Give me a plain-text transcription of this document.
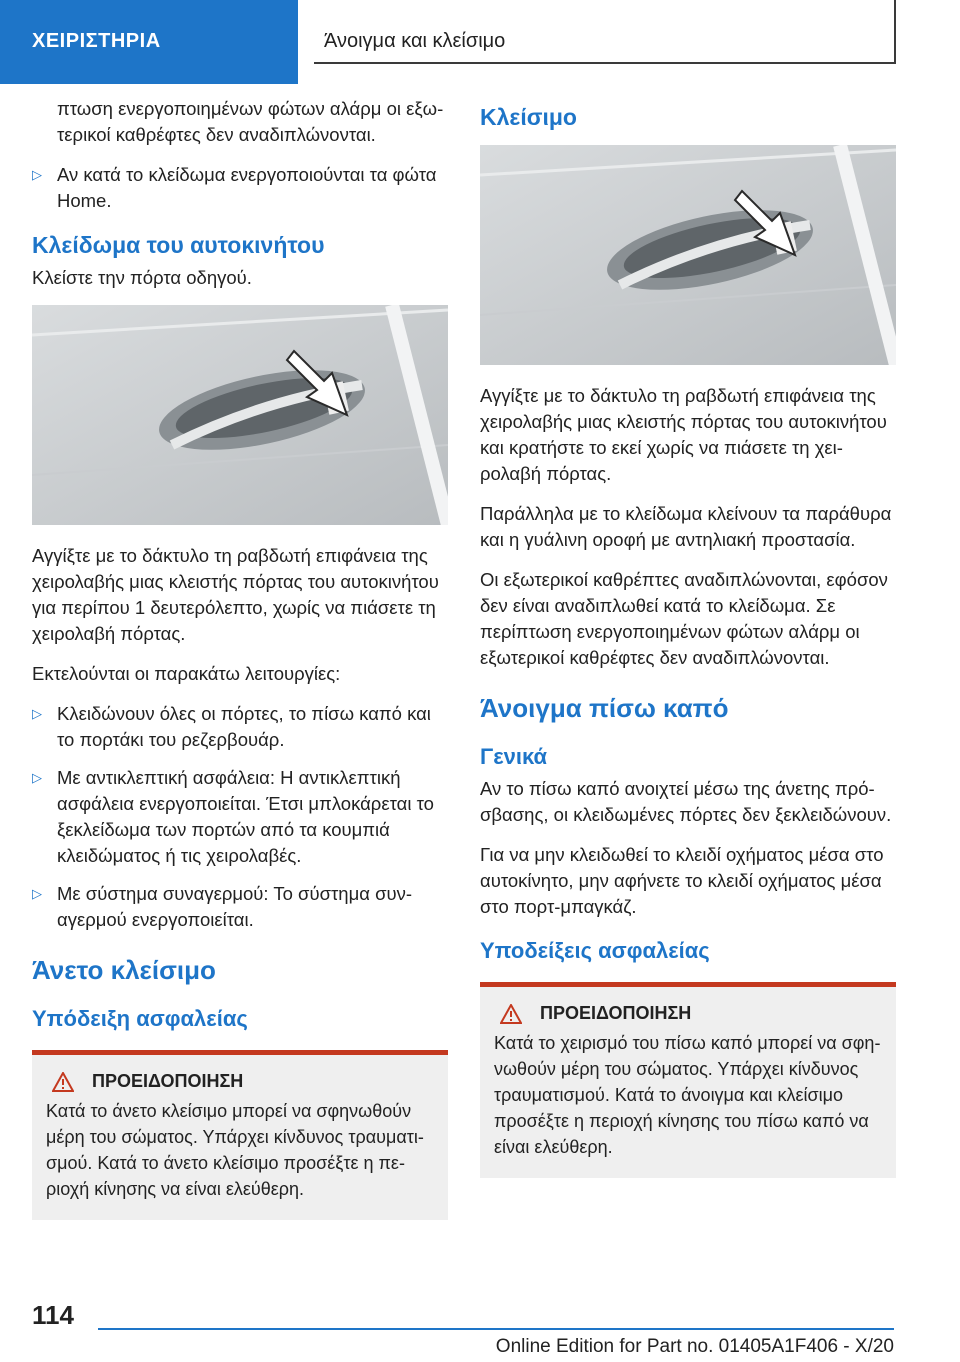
ΧΕΙΡΙΣΤΗΡΙΑ	Άνοιγμα και κλείσιμο

πτωση ενεργοποιημένων φώτων αλάρμ οι εξωτερικοί καθρέφτες δεν αναδιπλώνονται.

▷ Αν κατά το κλείδωμα ενεργοποιούνται τα φώτα Home.
Κλείδωμα του αυτοκινήτου

Κλείστε την πόρτα οδηγού.

Αγγίξτε με το δάκτυλο τη ραβδωτή επιφάνεια της χειρολαβής μιας κλειστής πόρτας του αυτοκινήτου για περίπου 1 δευτερόλεπτο, χωρίς να πιάσετε τη χειρολαβή πόρτας.

Εκτελούνται οι παρακάτω λειτουργίες:

▷ Κλειδώνουν όλες οι πόρτες, το πίσω καπό και το πορτάκι του ρεζερβουάρ.
▷ Με αντικλεπτική ασφάλεια: Η αντικλεπτική ασφάλεια ενεργοποιείται. Έτσι μπλοκάρεται το ξεκλείδωμα των πορτών από τα κουμπιά κλειδώματος ή τις χειρολαβές.
▷ Με σύστημα συναγερμού: Το σύστημα συναγερμού ενεργοποιείται.
Άνετο κλείσιμο
Υπόδειξη ασφαλείας
ΠΡΟΕΙΔΟΠΟΙΗΣΗ

Κατά το άνετο κλείσιμο μπορεί να σφηνωθούν μέρη του σώματος. Υπάρχει κίνδυνος τραυματισμού. Κατά το άνετο κλείσιμο προσέξτε η περιοχή κίνησης να είναι ελεύθερη.

Κλείσιμο

Αγγίξτε με το δάκτυλο τη ραβδωτή επιφάνεια της χειρολαβής μιας κλειστής πόρτας του αυτοκινήτου και κρατήστε το εκεί χωρίς να πιάσετε τη χειρολαβή πόρτας.

Παράλληλα με το κλείδωμα κλείνουν τα παράθυρα και η γυάλινη οροφή με αντηλιακή προστασία.

Οι εξωτερικοί καθρέπτες αναδιπλώνονται, εφόσον δεν είναι αναδιπλωθεί κατά το κλείδωμα. Σε περίπτωση ενεργοποιημένων φώτων αλάρμ οι εξωτερικοί καθρέφτες δεν αναδιπλώνονται.

Άνοιγμα πίσω καπό
Γενικά

Αν το πίσω καπό ανοιχτεί μέσω της άνετης πρόσβασης, οι κλειδωμένες πόρτες δεν ξεκλειδώνουν.

Για να μην κλειδωθεί το κλειδί οχήματος μέσα στο αυτοκίνητο, μην αφήνετε το κλειδί οχήματος μέσα στο πορτ-μπαγκάζ.

Υποδείξεις ασφαλείας
ΠΡΟΕΙΔΟΠΟΙΗΣΗ

Κατά το χειρισμό του πίσω καπό μπορεί να σφηνωθούν μέρη του σώματος. Υπάρχει κίνδυνος τραυματισμού. Κατά το άνοιγμα και κλείσιμο προσέξτε η περιοχή κίνησης του πίσω καπό να είναι ελεύθερη.

114
Online Edition for Part no. 01405A1F406 - X/20
